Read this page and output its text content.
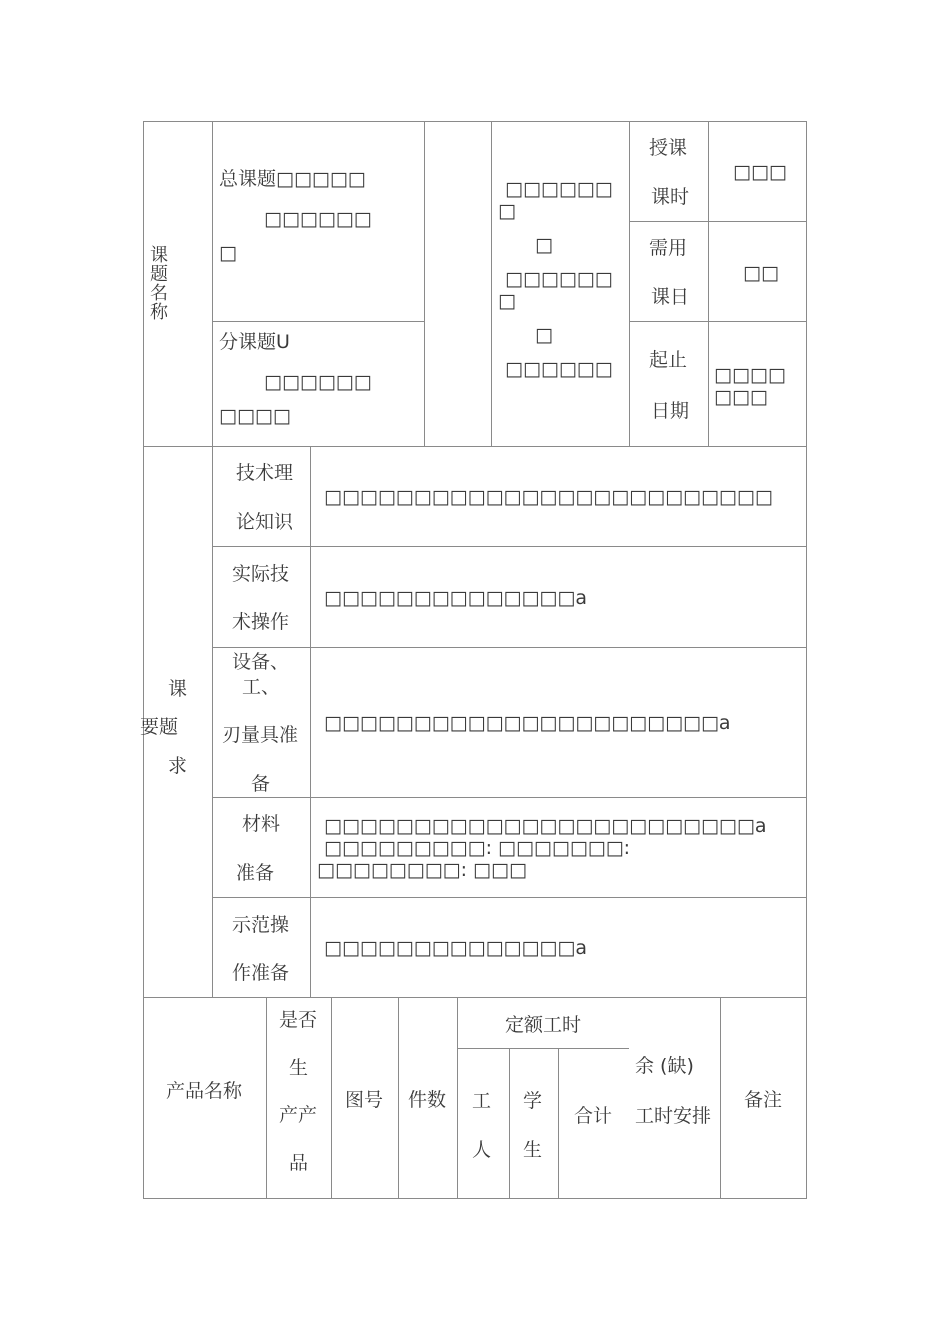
课
题
名
称
总课题□□□□□
□□□□□□
□
分课题U
□□□□□□
□□□□
□□□□□□
□
□
□□□□□□
□
□
□□□□□□
授课
课时
□□□
需用
课日
□□
起止
日期
□□□□
□□□
课
要题
求
技术理
论知识
□□□□□□□□□□□□□□□□□□□□□□□□□
实际技
术操作
□□□□□□□□□□□□□□a
设备、
工、
刃量具准
备
□□□□□□□□□□□□□□□□□□□□□□a
材料
准备
□□□□□□□□□□□□□□□□□□□□□□□□a
□□□□□□□□□: □□□□□□□:
□□□□□□□□: □□□
示范操
作准备
□□□□□□□□□□□□□□a
产品名称
是否
生
产产
品
图号 件数
定额工时
工
人
学
生
合计
余 (缺)
工时安排
备注
